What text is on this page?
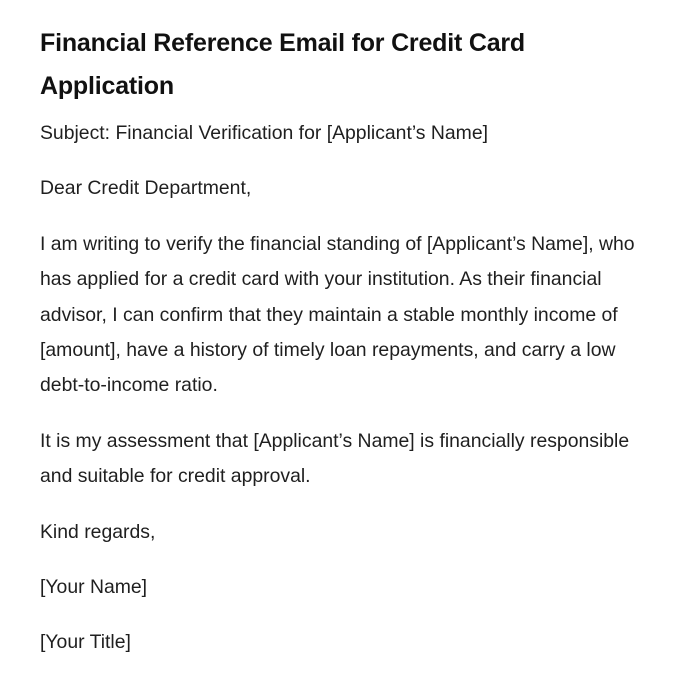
Financial Reference Email for Credit Card Application

Subject: Financial Verification for [Applicant’s Name]

Dear Credit Department,

I am writing to verify the financial standing of [Applicant’s Name], who has applied for a credit card with your institution. As their financial advisor, I can confirm that they maintain a stable monthly income of [amount], have a history of timely loan repayments, and carry a low debt-to-income ratio.

It is my assessment that [Applicant’s Name] is financially responsible and suitable for credit approval.

Kind regards,

[Your Name]

[Your Title]
